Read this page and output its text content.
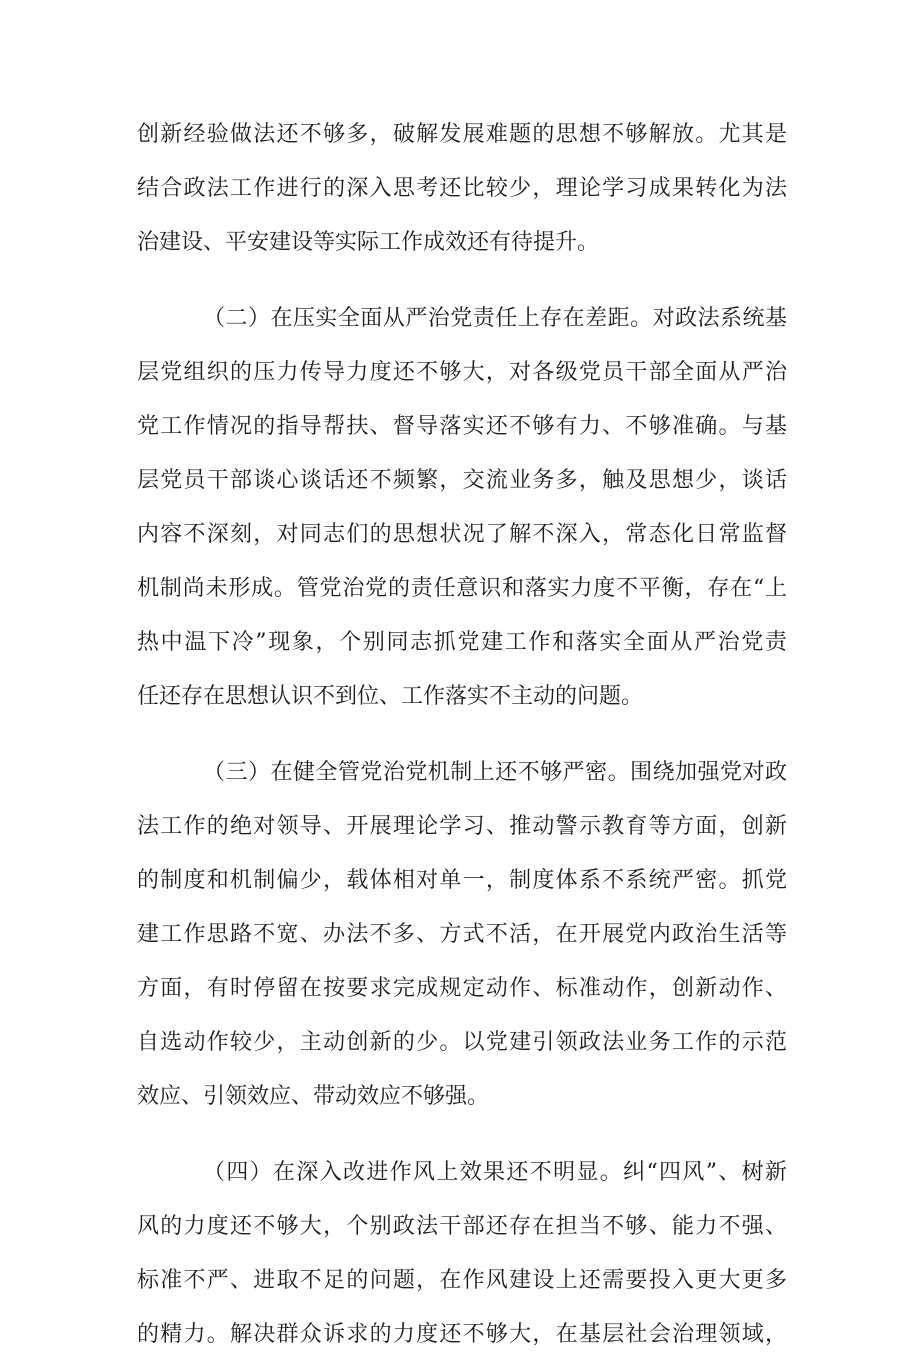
创新经验做法还不够多，破解发展难题的思想不够解放。尤其是
结合政法工作进行的深入思考还比较少，理论学习成果转化为法
治建设、平安建设等实际工作成效还有待提升。
（二）在压实全面从严治党责任上存在差距。对政法系统基
层党组织的压力传导力度还不够大，对各级党员干部全面从严治
党工作情况的指导帮扶、督导落实还不够有力、不够准确。与基
层党员干部谈心谈话还不频繁，交流业务多，触及思想少，谈话
内容不深刻，对同志们的思想状况了解不深入，常态化日常监督
机制尚未形成。管党治党的责任意识和落实力度不平衡，存在“上
热中温下冷”现象，个别同志抓党建工作和落实全面从严治党责
任还存在思想认识不到位、工作落实不主动的问题。
（三）在健全管党治党机制上还不够严密。围绕加强党对政
法工作的绝对领导、开展理论学习、推动警示教育等方面，创新
的制度和机制偏少，载体相对单一，制度体系不系统严密。抓党
建工作思路不宽、办法不多、方式不活，在开展党内政治生活等
方面，有时停留在按要求完成规定动作、标准动作，创新动作、
自选动作较少，主动创新的少。以党建引领政法业务工作的示范
效应、引领效应、带动效应不够强。
（四）在深入改进作风上效果还不明显。纠“四风”、树新
风的力度还不够大，个别政法干部还存在担当不够、能力不强、
标准不严、进取不足的问题，在作风建设上还需要投入更大更多
的精力。解决群众诉求的力度还不够大，在基层社会治理领域，
